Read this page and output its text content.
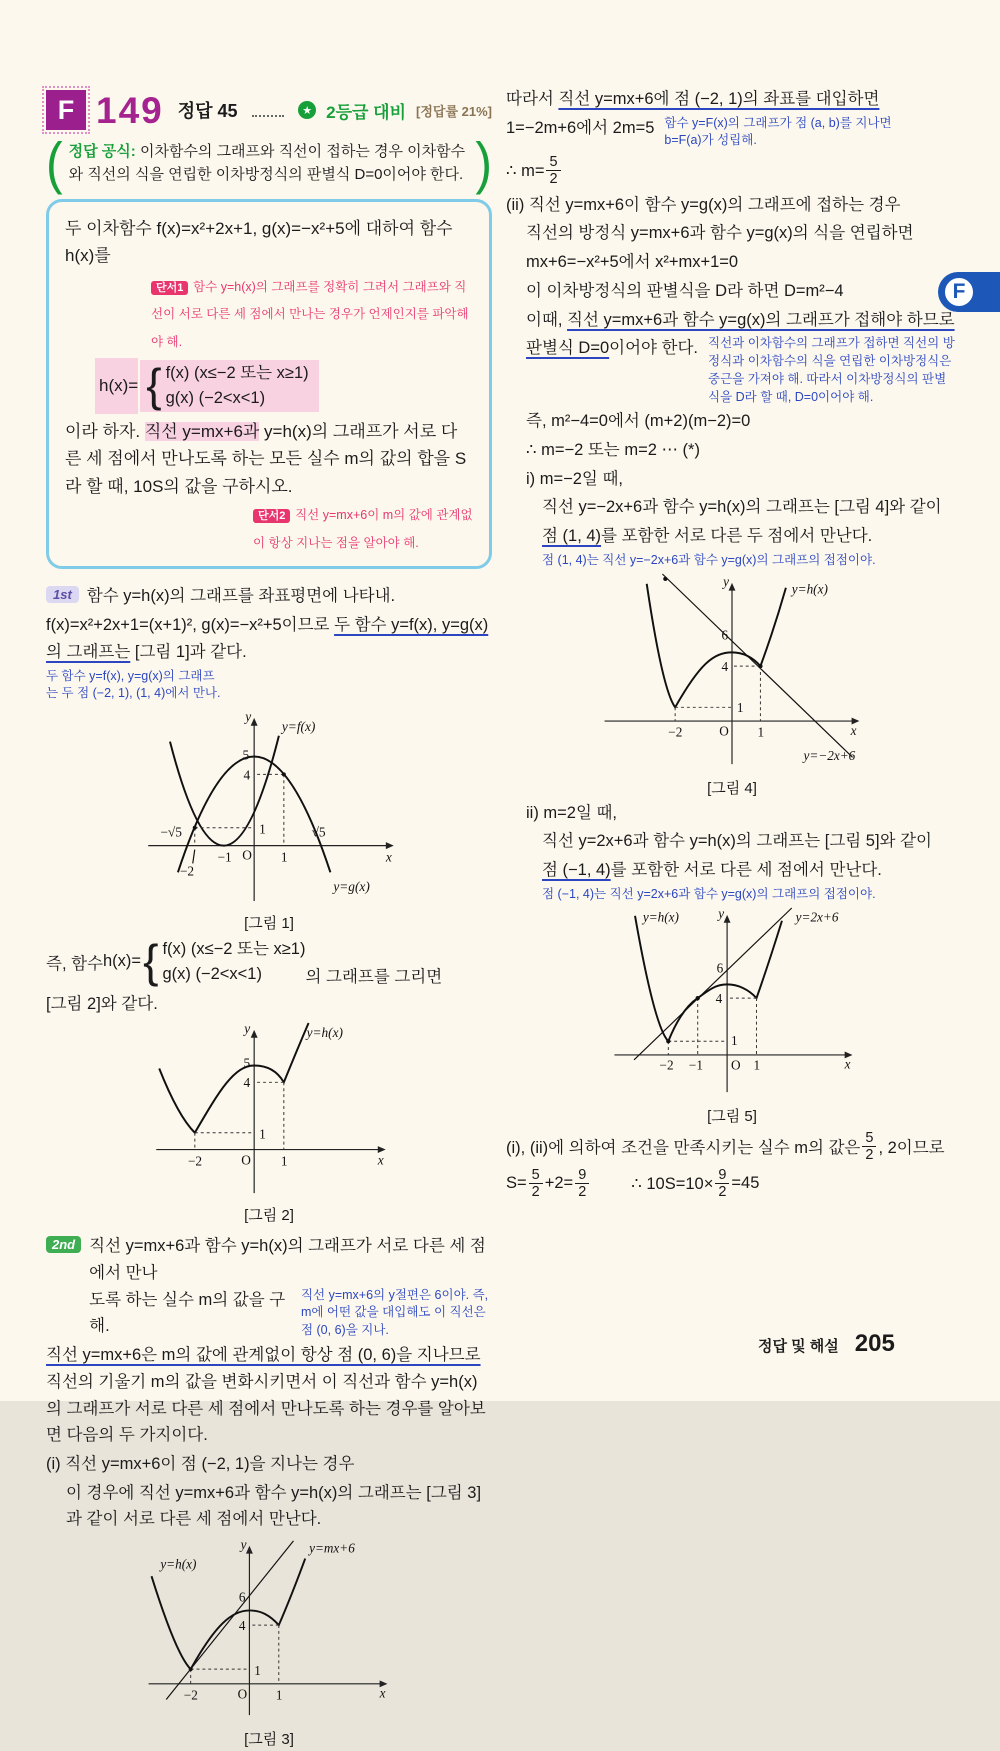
F 149 정답 45	★ 2등급 대비 [정답률 21%]
( 정답 공식: 이차함수의 그래프와 직선이 접하는 경우 이차함수와 직선의 식을 연립한 이차방정식의 판별식 D=0이어야 한다. )
두 이차함수 f(x)=x²+2x+1, g(x)=−x²+5에 대하여 함수 h(x)를
단서1 함수 y=h(x)의 그래프를 정확히 그려서 그래프와 직선이 서로 다른 세 점에서 만나는 경우가 언제인지를 파악해야 해.
h(x)= { f(x) (x≤−2 또는 x≥1)
g(x) (−2<x<1)
이라 하자. 직선 y=mx+6과 y=h(x)의 그래프가 서로 다른 세 점에서 만나도록 하는 모든 실수 m의 값의 합을 S라 할 때, 10S의 값을 구하시오.
단서2 직선 y=mx+6이 m의 값에 관계없이 항상 지나는 점을 알아야 해.
1st 함수 y=h(x)의 그래프를 좌표평면에 나타내.
f(x)=x²+2x+1=(x+1)², g(x)=−x²+5이므로 두 함수 y=f(x), y=g(x)의 그래프는 [그림 1]과 같다.
두 함수 y=f(x), y=g(x)의 그래프는 두 점 (−2, 1), (1, 4)에서 만나.
y
x
O
5
4
1
−1
−2
−√5	√5
1
y=f(x)
y=g(x)
[그림 1]
즉, 함수 h(x)= { f(x) (x≤−2 또는 x≥1)
g(x) (−2<x<1)	의 그래프를 그리면
[그림 2]와 같다.
y
x
O
5
4
1
−2	1
y=h(x)
[그림 2]
2nd 직선 y=mx+6과 함수 y=h(x)의 그래프가 서로 다른 세 점에서 만나
도록 하는 실수 m의 값을 구해.
직선 y=mx+6의 y절편은 6이야. 즉, m에 어떤 값을 대입해도 이 직선은 점 (0, 6)을 지나.
직선 y=mx+6은 m의 값에 관계없이 항상 점 (0, 6)을 지나므로 직선의 기울기 m의 값을 변화시키면서 이 직선과 함수 y=h(x)의 그래프가 서로 다른 세 점에서 만나도록 하는 경우를 알아보면 다음의 두 가지이다.
(i) 직선 y=mx+6이 점 (−2, 1)을 지나는 경우
이 경우에 직선 y=mx+6과 함수 y=h(x)의 그래프는 [그림 3]과 같이 서로 다른 세 점에서 만난다.
y
x
O
6
4
1
−2	1
y=h(x)
y=mx+6
[그림 3]
따라서 직선 y=mx+6에 점 (−2, 1)의 좌표를 대입하면
1=−2m+6에서 2m=5 함수 y=F(x)의 그래프가 점 (a, b)를 지나면 b=F(a)가 성립해.
∴ $m= \frac{5}{2}$
(ii) 직선 y=mx+6이 함수 y=g(x)의 그래프에 접하는 경우
직선의 방정식 y=mx+6과 함수 y=g(x)의 식을 연립하면
mx+6=−x²+5에서 x²+mx+1=0
이 이차방정식의 판별식을 D라 하면 D=m²−4
이때, 직선 y=mx+6과 함수 y=g(x)의 그래프가 접해야 하므로
판별식 D=0이어야 한다. 직선과 이차함수의 그래프가 접하면 직선의 방정식과 이차함수의 식을 연립한 이차방정식은 중근을 가져야 해. 따라서 이차방정식의 판별식을 D라 할 때, D=0이어야 해.
즉, m²−4=0에서 (m+2)(m−2)=0
∴ m=−2 또는 m=2 ⋯ (*)
i) m=−2일 때,
직선 y=−2x+6과 함수 y=h(x)의 그래프는 [그림 4]와 같이
점 (1, 4)를 포함한 서로 다른 두 점에서 만난다.
점 (1, 4)는 직선 y=−2x+6과 함수 y=g(x)의 그래프의 접점이야.
y
x
O
6
4
1
−2	1
y=h(x)
y=−2x+6
[그림 4]
ii) m=2일 때,
직선 y=2x+6과 함수 y=h(x)의 그래프는 [그림 5]와 같이
점 (−1, 4)를 포함한 서로 다른 세 점에서 만난다.
점 (−1, 4)는 직선 y=2x+6과 함수 y=g(x)의 그래프의 접점이야.
y
x
O
6
4
1
−2 −1	1
y=h(x)	y=2x+6
[그림 5]
(i), (ii)에 의하여 조건을 만족시키는 실수 m의 값은 $\frac{5}{2}$ , 2이므로
$S= \frac{5}{2} +2= \frac{9}{2}$	∴ $10S=10\times \frac{9}{2} =45$
F
정답 및 해설 205
